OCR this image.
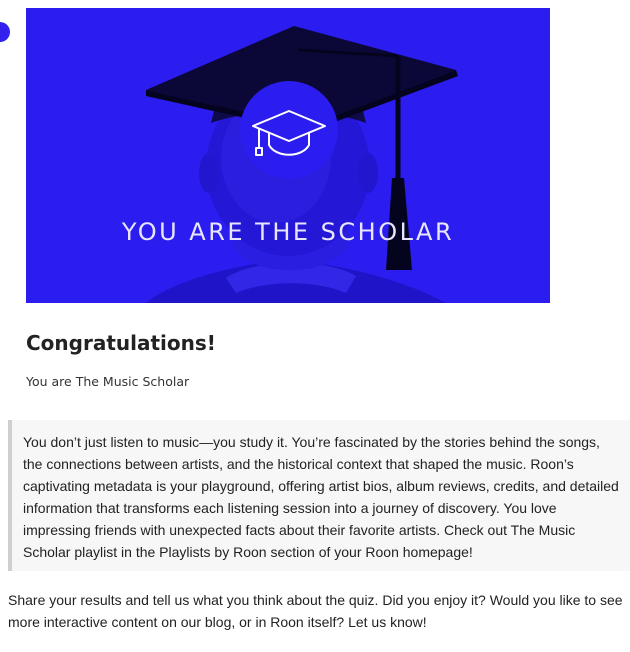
YOU ARE THE SCHOLAR
Congratulations!

You are The Music Scholar

You don’t just listen to music—you study it. You’re fascinated by the stories behind the songs, the connections between artists, and the historical context that shaped the music. Roon’s captivating metadata is your playground, offering artist bios, album reviews, credits, and detailed information that transforms each listening session into a journey of discovery. You love impressing friends with unexpected facts about their favorite artists. Check out The Music Scholar playlist in the Playlists by Roon section of your Roon homepage!

Share your results and tell us what you think about the quiz. Did you enjoy it? Would you like to see more interactive content on our blog, or in Roon itself? Let us know!
